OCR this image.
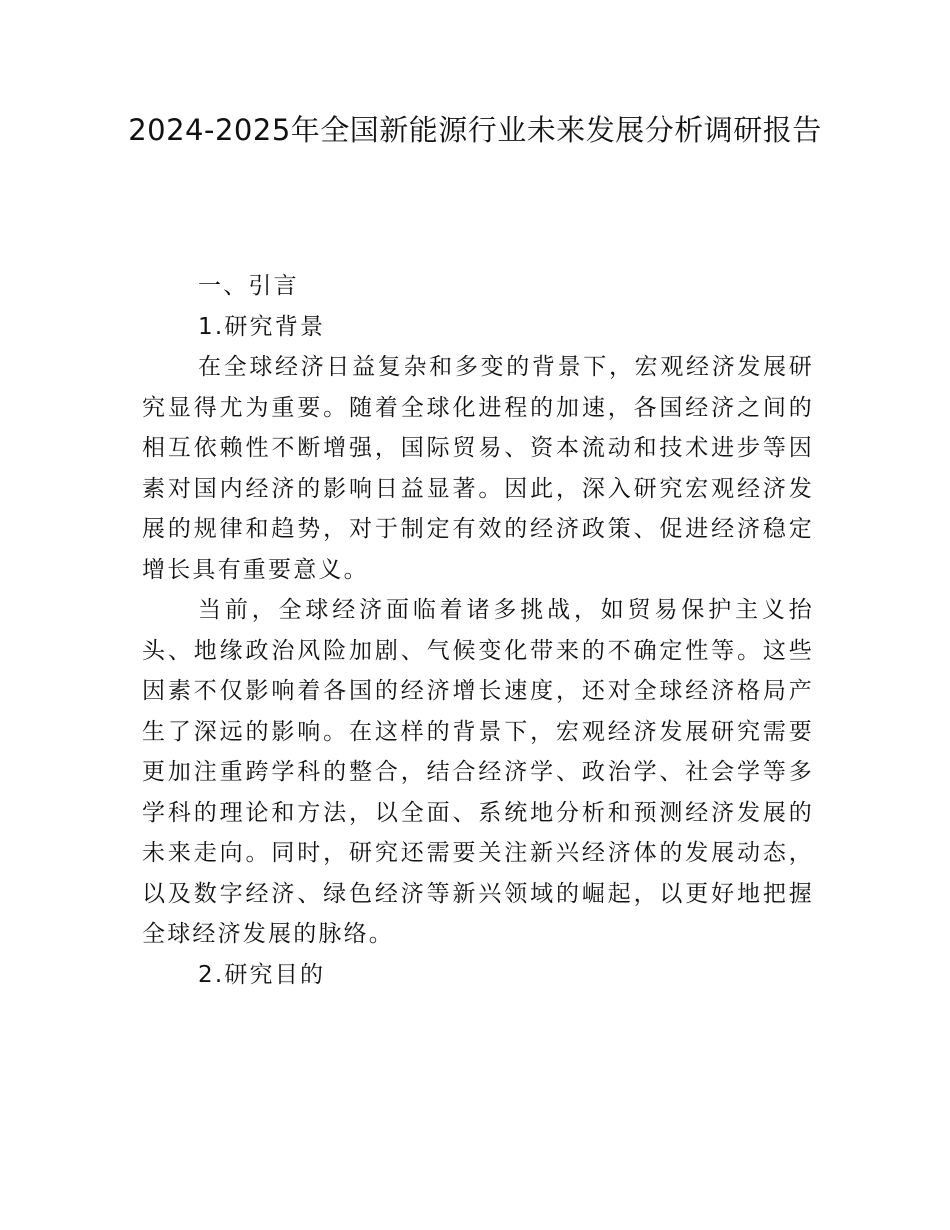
2024-2025年全国新能源行业未来发展分析调研报告

一、引言

1.研究背景

在全球经济日益复杂和多变的背景下，宏观经济发展研究显得尤为重要。随着全球化进程的加速，各国经济之间的相互依赖性不断增强，国际贸易、资本流动和技术进步等因素对国内经济的影响日益显著。因此，深入研究宏观经济发展的规律和趋势，对于制定有效的经济政策、促进经济稳定增长具有重要意义。

当前，全球经济面临着诸多挑战，如贸易保护主义抬头、地缘政治风险加剧、气候变化带来的不确定性等。这些因素不仅影响着各国的经济增长速度，还对全球经济格局产生了深远的影响。在这样的背景下，宏观经济发展研究需要更加注重跨学科的整合，结合经济学、政治学、社会学等多学科的理论和方法，以全面、系统地分析和预测经济发展的未来走向。同时，研究还需要关注新兴经济体的发展动态，以及数字经济、绿色经济等新兴领域的崛起，以更好地把握全球经济发展的脉络。

2.研究目的
